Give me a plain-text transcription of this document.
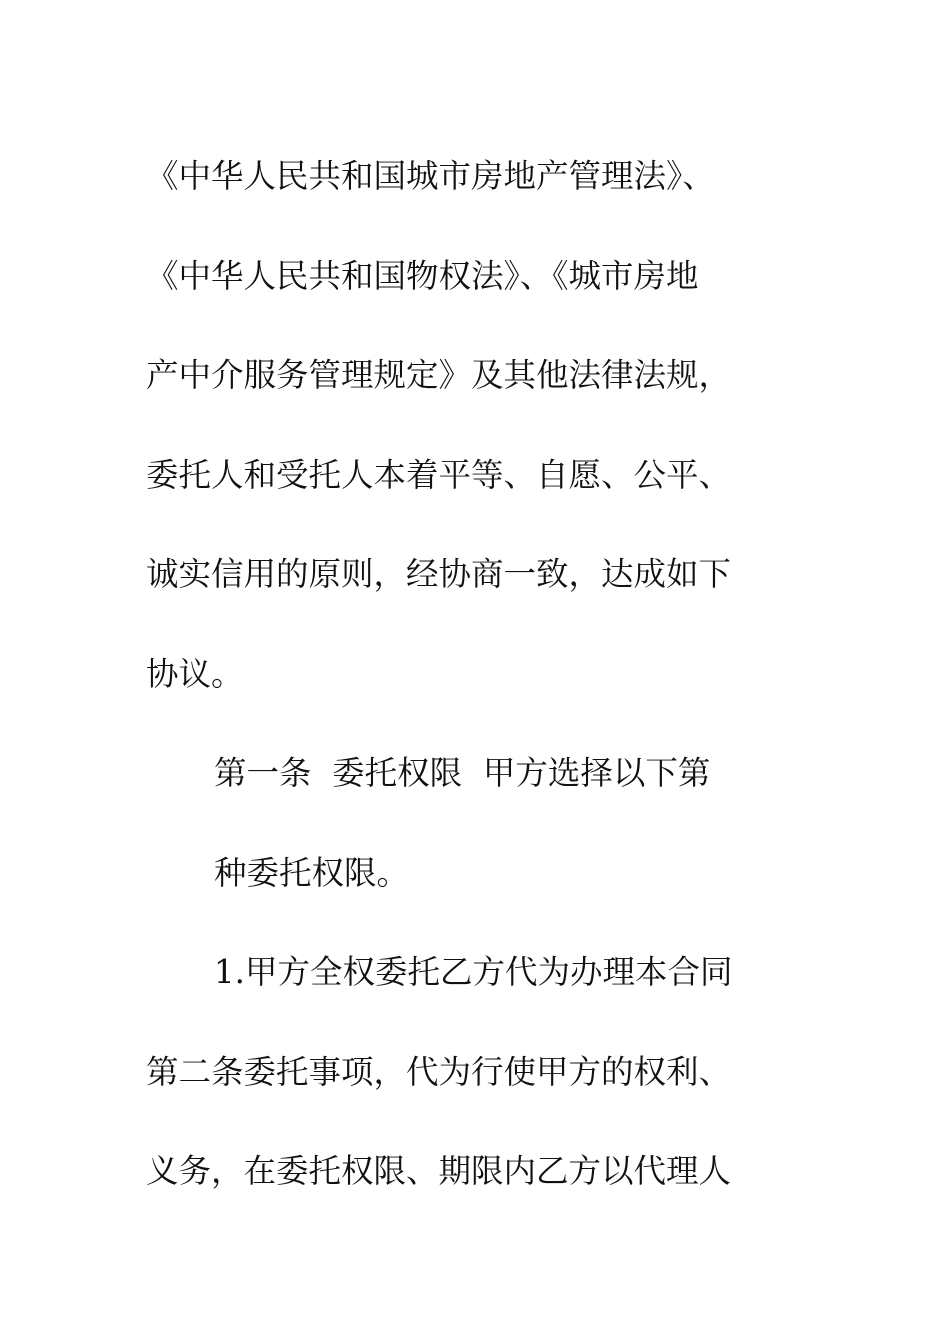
《中华人民共和国城市房地产管理法》、
《中华人民共和国物权法》、《城市房地
产中介服务管理规定》及其他法律法规，
委托人和受托人本着平等、自愿、公平、
诚实信用的原则，经协商一致，达成如下
协议。
第一条  委托权限  甲方选择以下第
种委托权限。
1.甲方全权委托乙方代为办理本合同
第二条委托事项，代为行使甲方的权利、
义务，在委托权限、期限内乙方以代理人
